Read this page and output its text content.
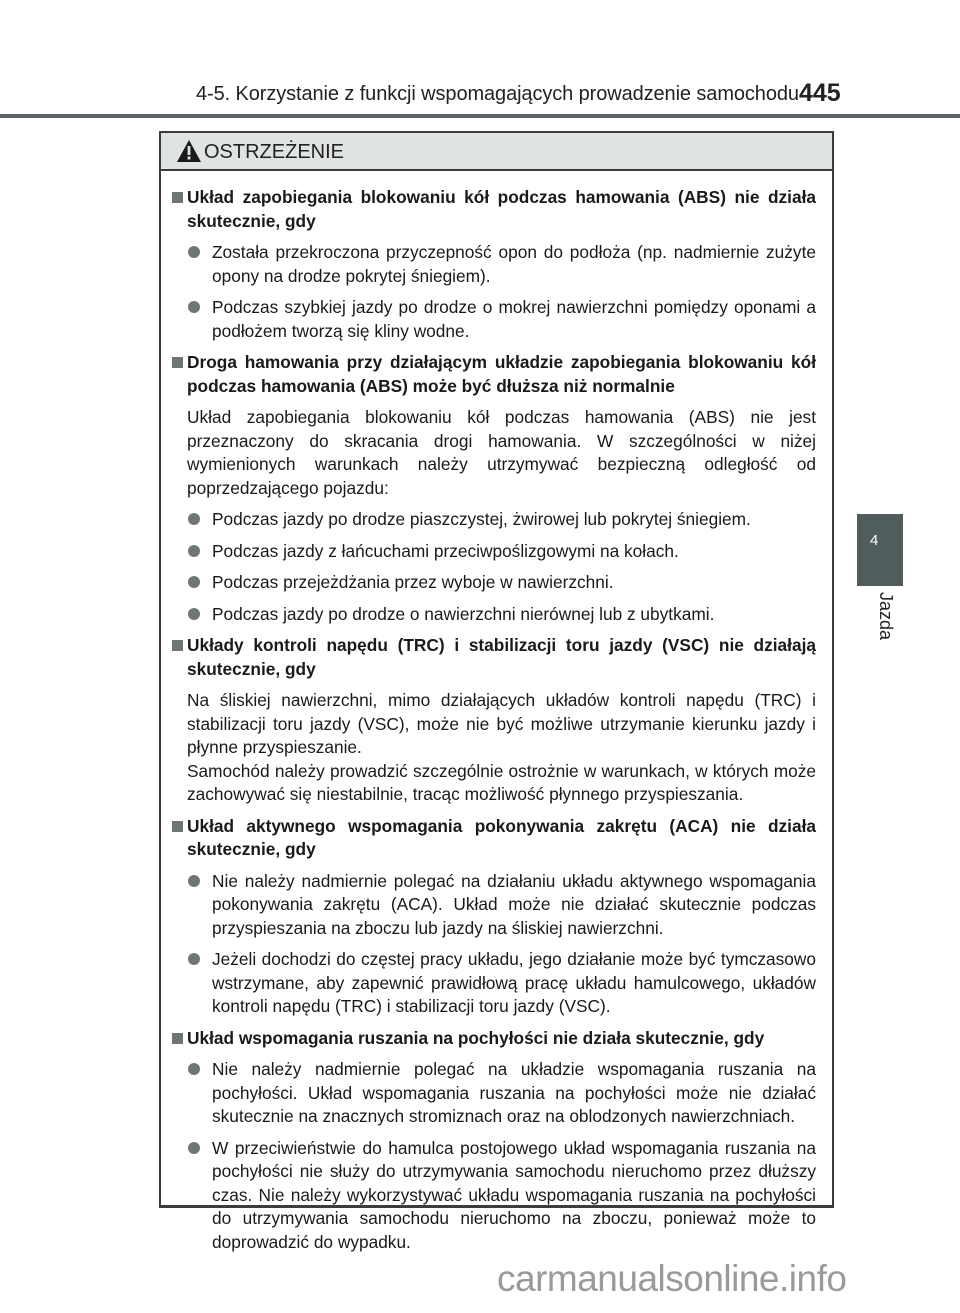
4-5. Korzystanie z funkcji wspomagających prowadzenie samochodu 445
4
Jazda
OSTRZEŻENIE
Układ zapobiegania blokowaniu kół podczas hamowania (ABS) nie działa skutecznie, gdy
Została przekroczona przyczepność opon do podłoża (np. nadmiernie zużyte opony na drodze pokrytej śniegiem).
Podczas szybkiej jazdy po drodze o mokrej nawierzchni pomiędzy oponami a podłożem tworzą się kliny wodne.
Droga hamowania przy działającym układzie zapobiegania blokowaniu kół podczas hamowania (ABS) może być dłuższa niż normalnie
Układ zapobiegania blokowaniu kół podczas hamowania (ABS) nie jest przeznaczony do skracania drogi hamowania. W szczególności w niżej wymienionych warunkach należy utrzymywać bezpieczną odległość od poprzedzającego pojazdu:
Podczas jazdy po drodze piaszczystej, żwirowej lub pokrytej śniegiem.
Podczas jazdy z łańcuchami przeciwpoślizgowymi na kołach.
Podczas przejeżdżania przez wyboje w nawierzchni.
Podczas jazdy po drodze o nawierzchni nierównej lub z ubytkami.
Układy kontroli napędu (TRC) i stabilizacji toru jazdy (VSC) nie działają skutecznie, gdy
Na śliskiej nawierzchni, mimo działających układów kontroli napędu (TRC) i stabilizacji toru jazdy (VSC), może nie być możliwe utrzymanie kierunku jazdy i płynne przyspieszanie.
Samochód należy prowadzić szczególnie ostrożnie w warunkach, w których może zachowywać się niestabilnie, tracąc możliwość płynnego przyspieszania.
Układ aktywnego wspomagania pokonywania zakrętu (ACA) nie działa skutecznie, gdy
Nie należy nadmiernie polegać na działaniu układu aktywnego wspomagania pokonywania zakrętu (ACA). Układ może nie działać skutecznie podczas przyspieszania na zboczu lub jazdy na śliskiej nawierzchni.
Jeżeli dochodzi do częstej pracy układu, jego działanie może być tymczasowo wstrzymane, aby zapewnić prawidłową pracę układu hamulcowego, układów kontroli napędu (TRC) i stabilizacji toru jazdy (VSC).
Układ wspomagania ruszania na pochyłości nie działa skutecznie, gdy
Nie należy nadmiernie polegać na układzie wspomagania ruszania na pochyłości. Układ wspomagania ruszania na pochyłości może nie działać skutecznie na znacznych stromiznach oraz na oblodzonych nawierzchniach.
W przeciwieństwie do hamulca postojowego układ wspomagania ruszania na pochyłości nie służy do utrzymywania samochodu nieruchomo przez dłuższy czas. Nie należy wykorzystywać układu wspomagania ruszania na pochyłości do utrzymywania samochodu nieruchomo na zboczu, ponieważ może to doprowadzić do wypadku.
carmanualsonline.info
